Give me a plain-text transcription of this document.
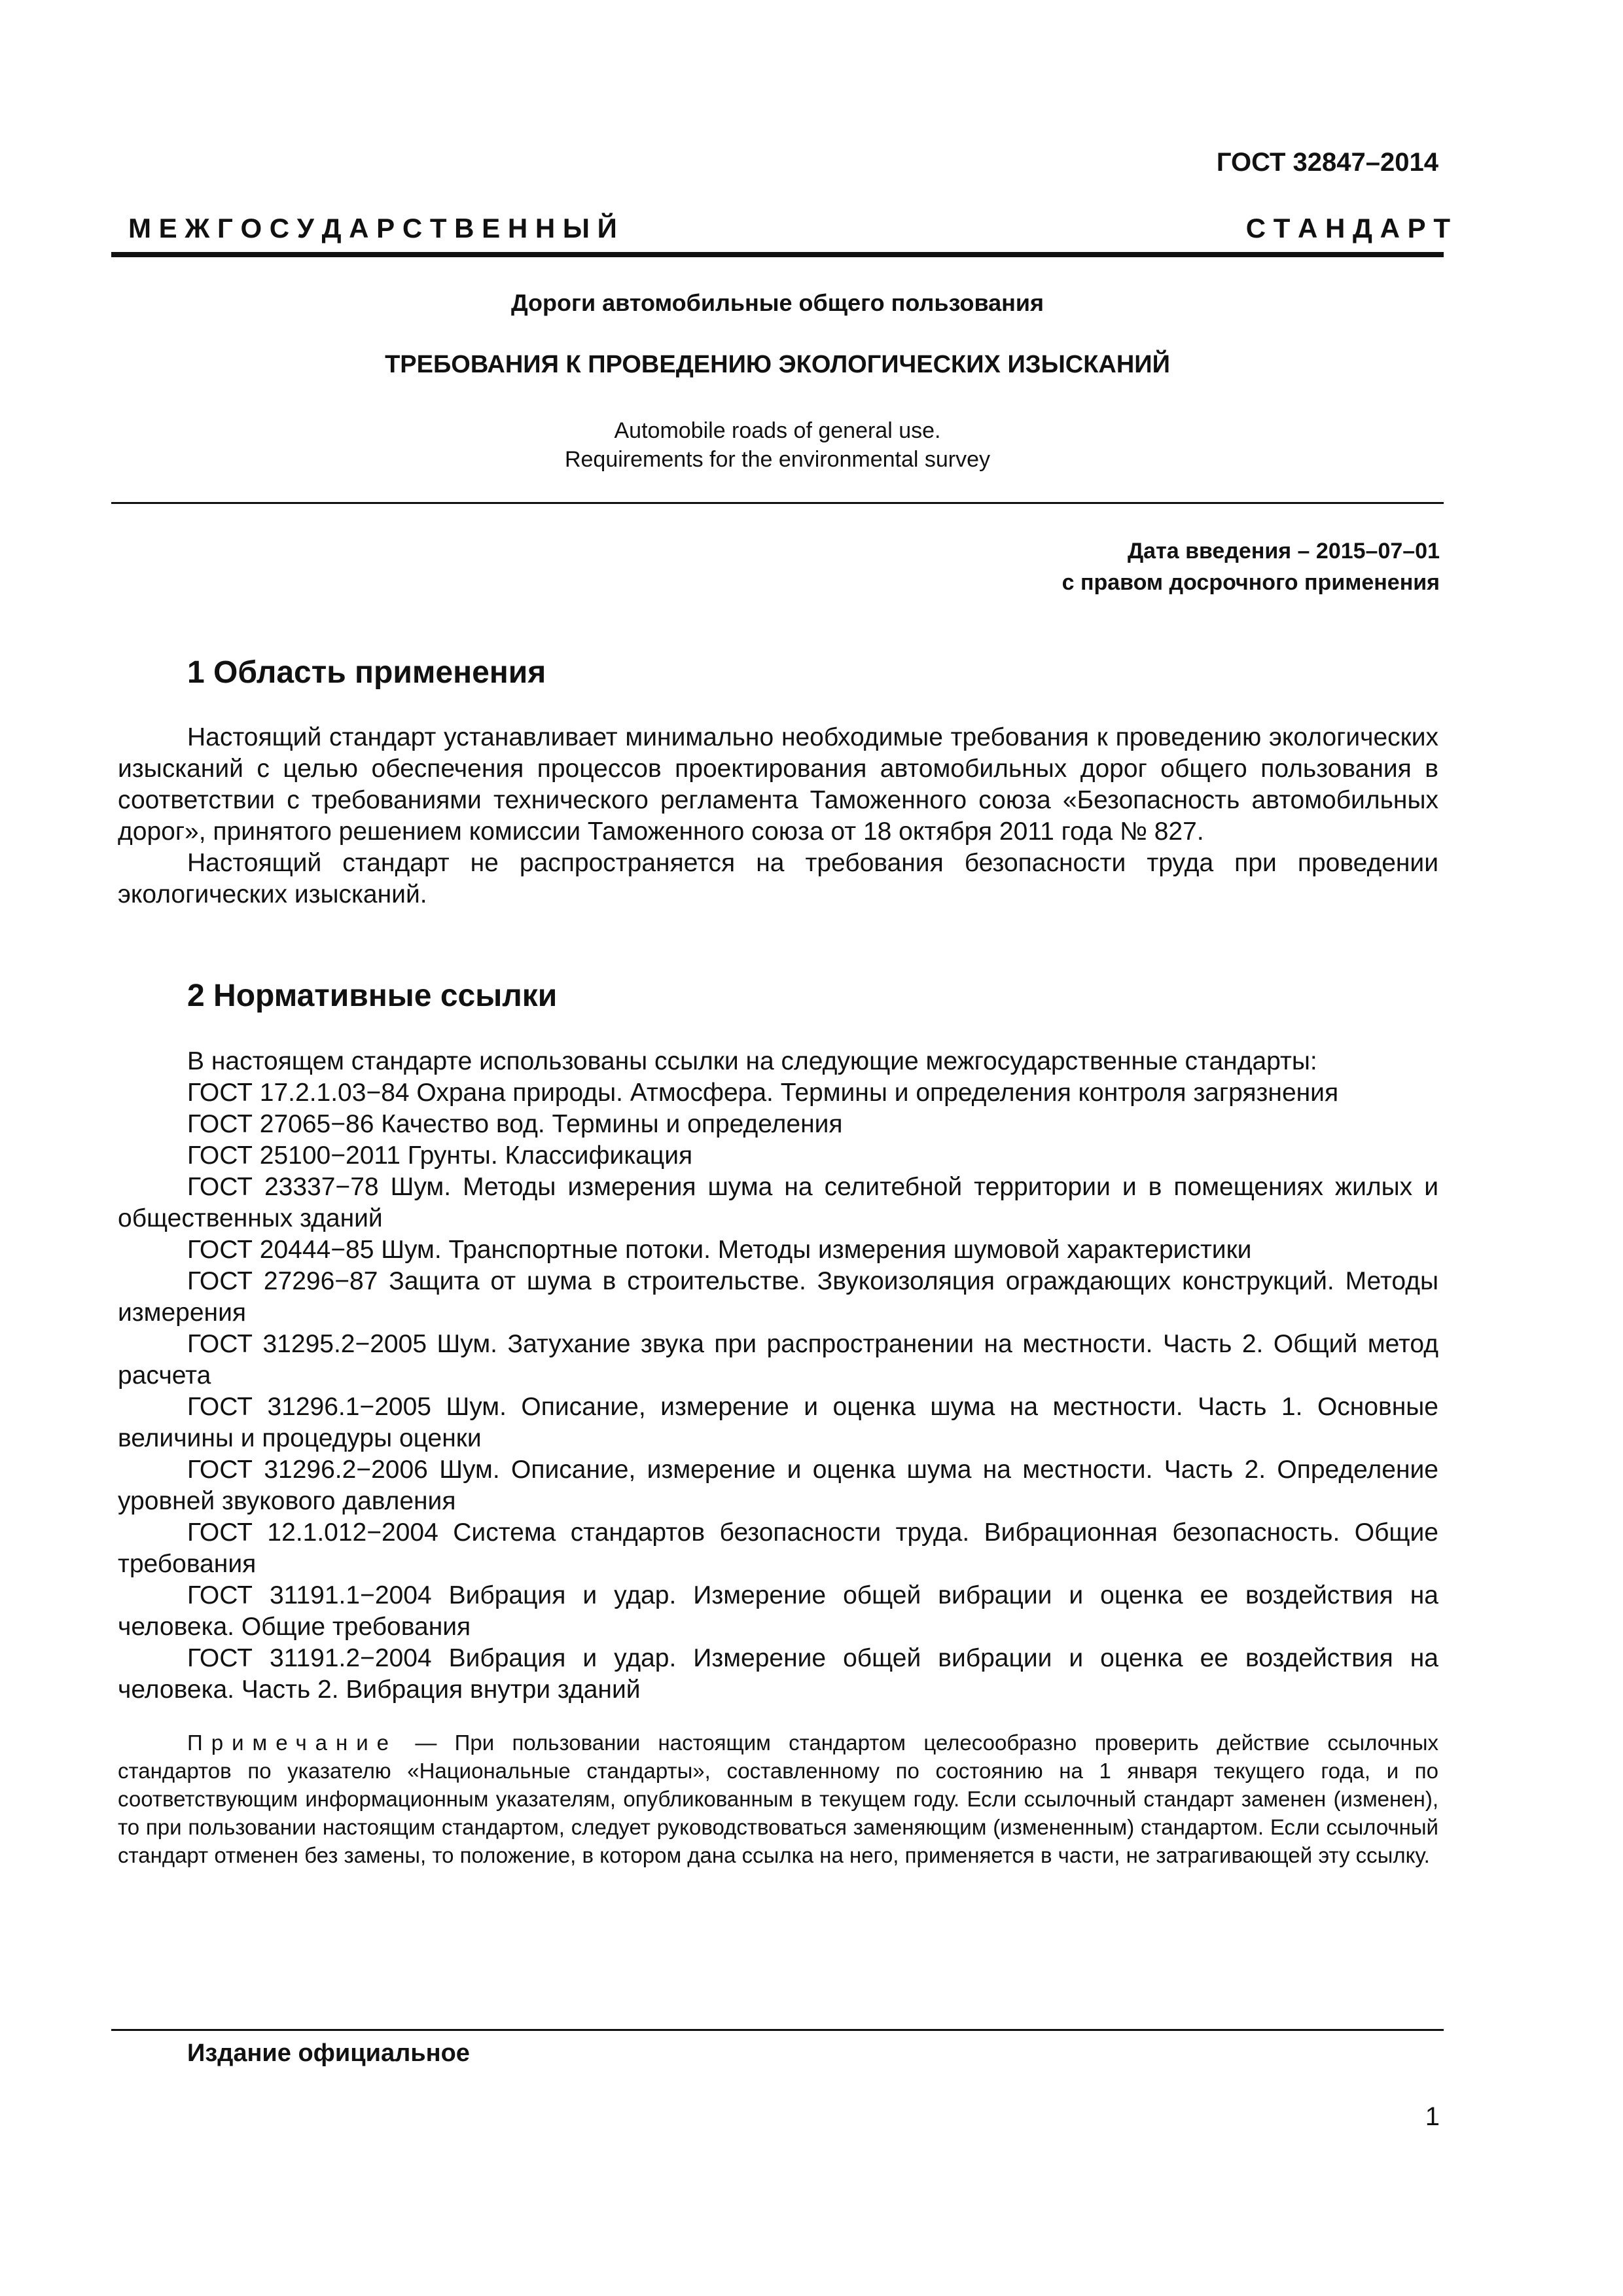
ГОСТ 32847–2014
М Е Ж Г О С У Д А Р С Т В Е Н Н Ы Й	С Т А Н Д А Р Т
Дороги автомобильные общего пользования
ТРЕБОВАНИЯ К ПРОВЕДЕНИЮ ЭКОЛОГИЧЕСКИХ ИЗЫСКАНИЙ
Automobile roads of general use.
Requirements for the environmental survey
Дата введения – 2015–07–01
с правом досрочного применения
1 Область применения

Настоящий стандарт устанавливает минимально необходимые требования к проведению экологических изысканий с целью обеспечения процессов проектирования автомобильных дорог общего пользования в соответствии с требованиями технического регламента Таможенного союза «Безопасность автомобильных дорог», принятого решением комиссии Таможенного союза от 18 октября 2011 года № 827.

Настоящий стандарт не распространяется на требования безопасности труда при проведении экологических изысканий.

2 Нормативные ссылки

В настоящем стандарте использованы ссылки на следующие межгосударственные стандарты:

ГОСТ 17.2.1.03−84 Охрана природы. Атмосфера. Термины и определения контроля загрязнения

ГОСТ 27065−86 Качество вод. Термины и определения

ГОСТ 25100−2011 Грунты. Классификация

ГОСТ 23337−78 Шум. Методы измерения шума на селитебной территории и в помещениях жилых и общественных зданий

ГОСТ 20444−85 Шум. Транспортные потоки. Методы измерения шумовой характеристики

ГОСТ 27296−87 Защита от шума в строительстве. Звукоизоляция ограждающих конструкций. Методы измерения

ГОСТ 31295.2−2005 Шум. Затухание звука при распространении на местности. Часть 2. Общий метод расчета

ГОСТ 31296.1−2005 Шум. Описание, измерение и оценка шума на местности. Часть 1. Основные величины и процедуры оценки

ГОСТ 31296.2−2006 Шум. Описание, измерение и оценка шума на местности. Часть 2. Определение уровней звукового давления

ГОСТ 12.1.012−2004 Система стандартов безопасности труда. Вибрационная безопасность. Общие требования

ГОСТ 31191.1−2004 Вибрация и удар. Измерение общей вибрации и оценка ее воздействия на человека. Общие требования

ГОСТ 31191.2−2004 Вибрация и удар. Измерение общей вибрации и оценка ее воздействия на человека. Часть 2. Вибрация внутри зданий

Примечание — При пользовании настоящим стандартом целесообразно проверить действие ссылочных стандартов по указателю «Национальные стандарты», составленному по состоянию на 1 января текущего года, и по соответствующим информационным указателям, опубликованным в текущем году. Если ссылочный стандарт заменен (изменен), то при пользовании настоящим стандартом, следует руководствоваться заменяющим (измененным) стандартом. Если ссылочный стандарт отменен без замены, то положение, в котором дана ссылка на него, применяется в части, не затрагивающей эту ссылку.

Издание официальное
1
